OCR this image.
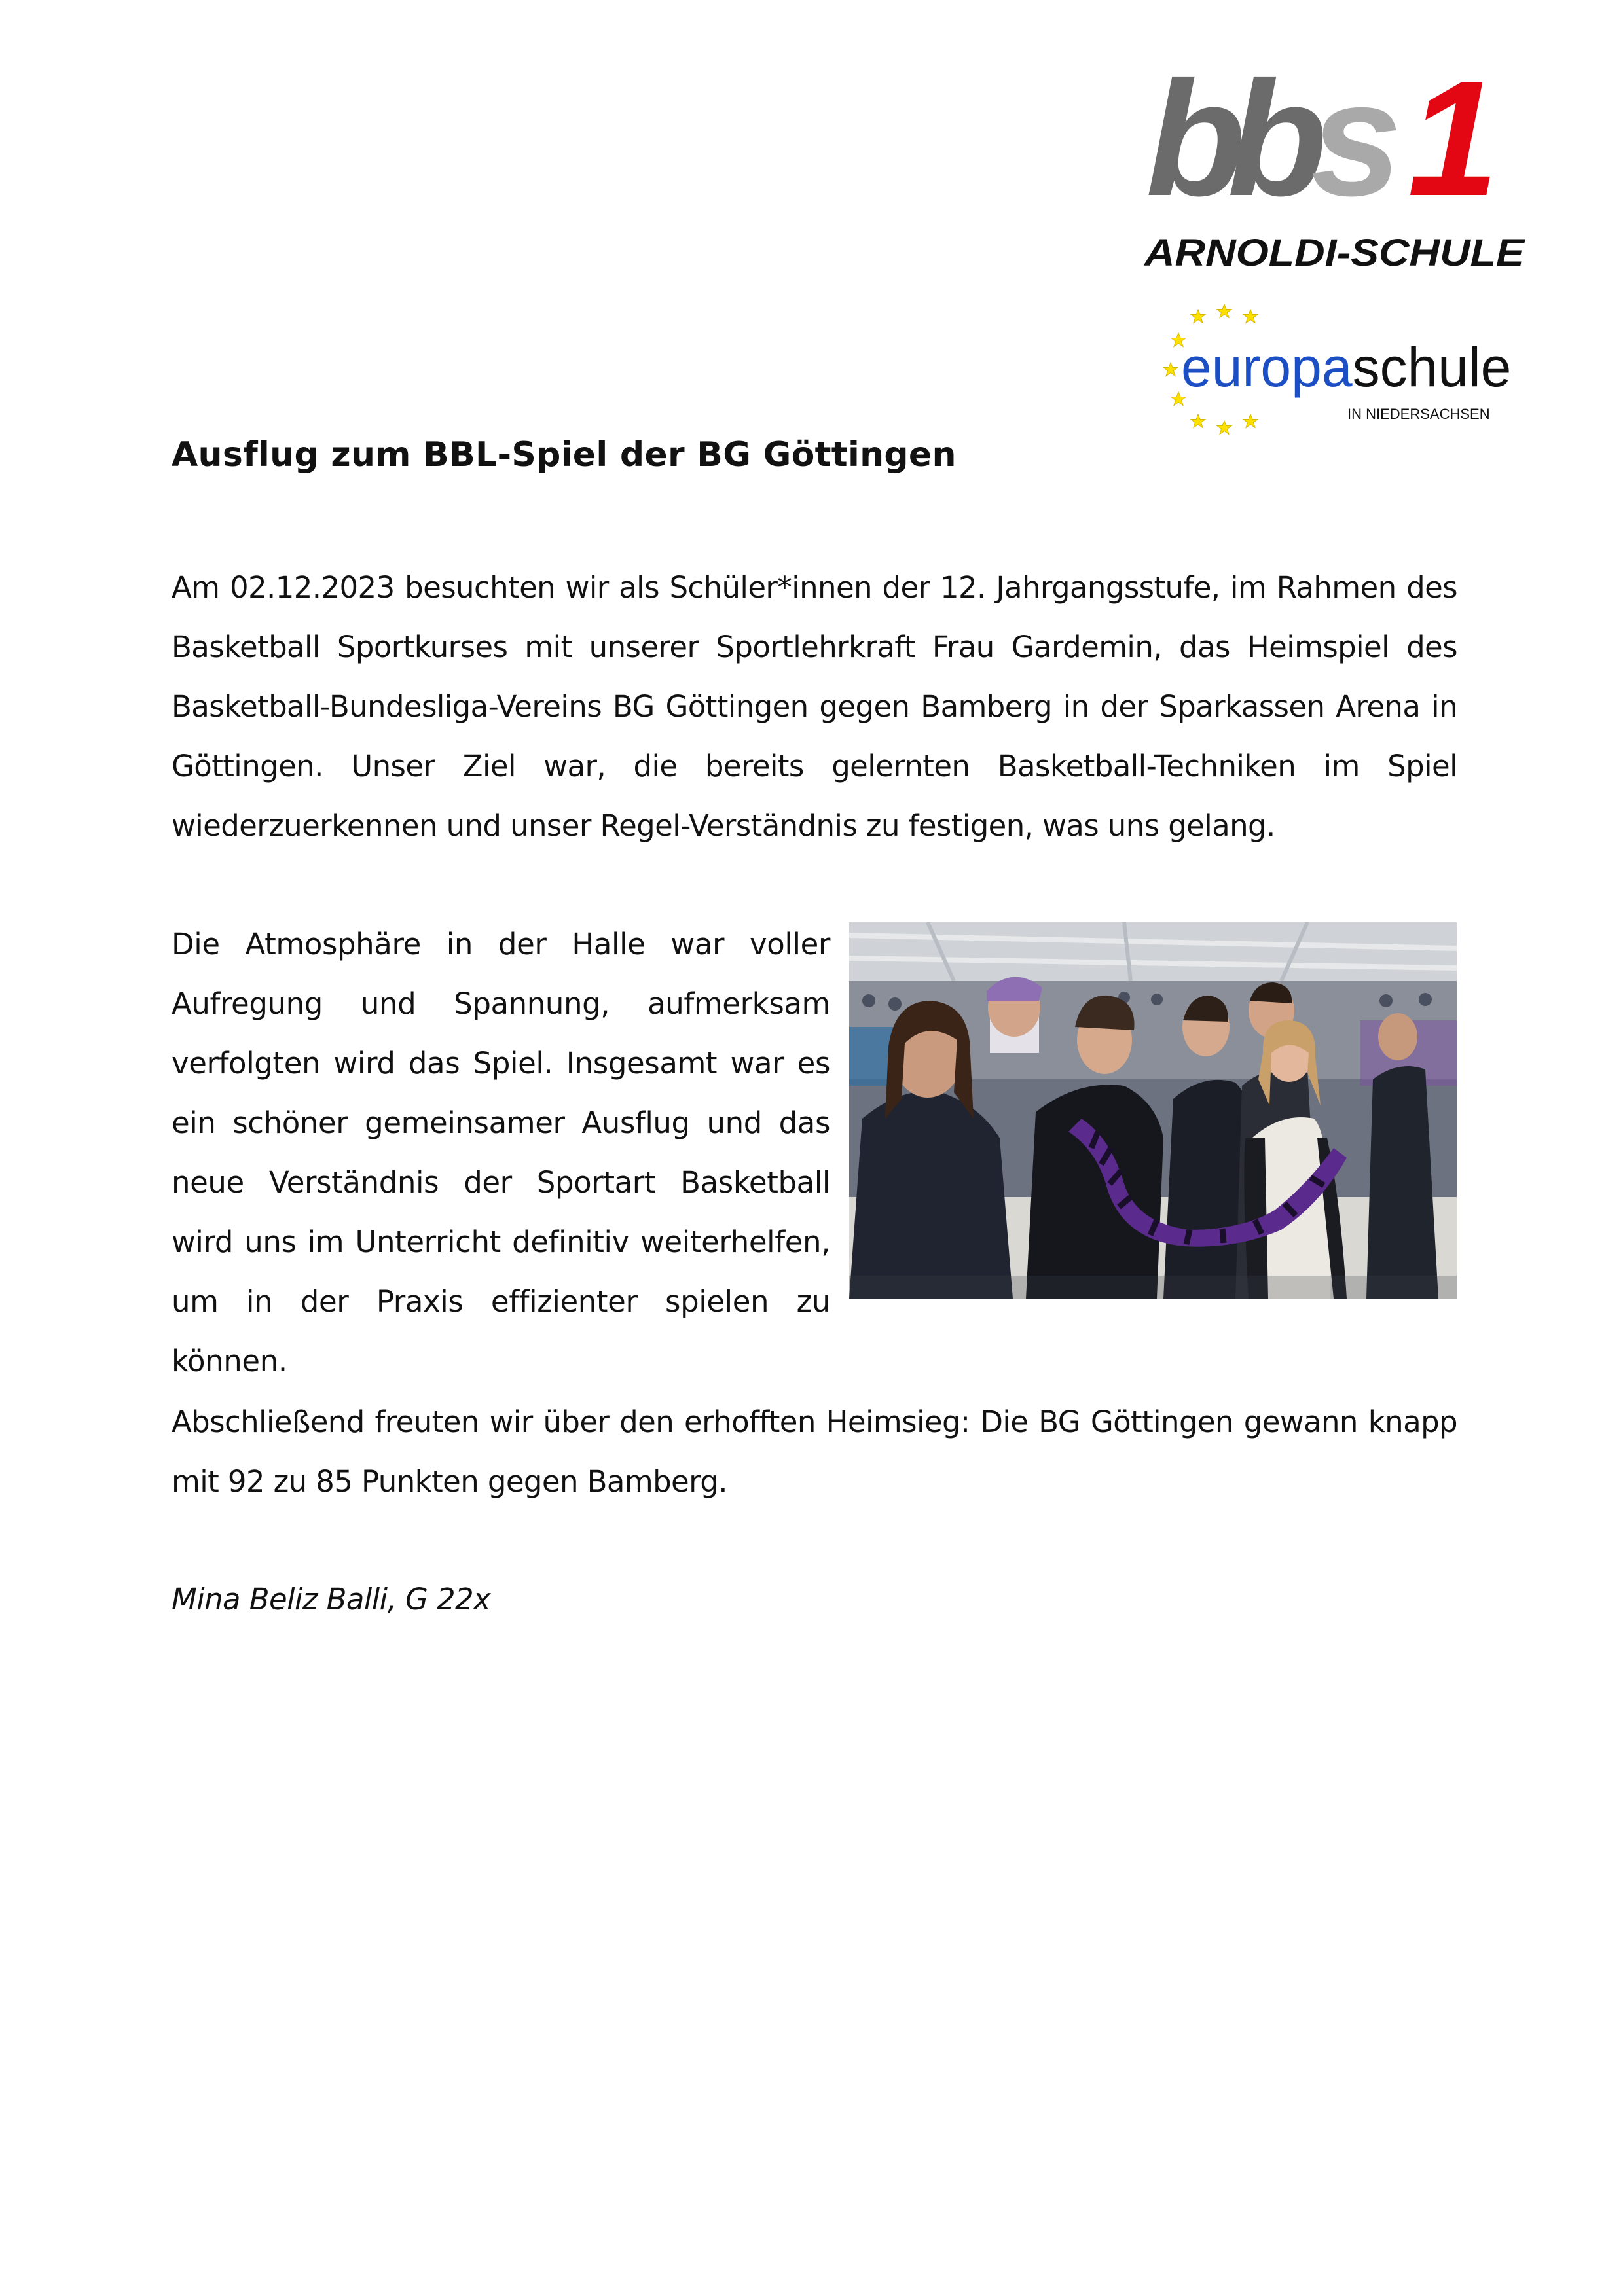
bb s 1
ARNOLDI-SCHULE
europaschule
IN NIEDERSACHSEN
Ausflug zum BBL-Spiel der BG Göttingen
Am 02.12.2023 besuchten wir als Schüler*innen der 12. Jahrgangsstufe, im Rahmen des Basketball Sportkurses mit unserer Sportlehrkraft Frau Gardemin, das Heimspiel des Basketball-Bundesliga-Vereins BG Göttingen gegen Bamberg in der Sparkassen Arena in Göttingen. Unser Ziel war, die bereits gelernten Basketball-Techniken im Spiel wiederzuerkennen und unser Regel-Verständnis zu festigen, was uns gelang.
Die Atmosphäre in der Halle war voller Aufregung und Spannung, aufmerksam verfolgten wird das Spiel. Insgesamt war es ein schöner gemeinsamer Ausflug und das neue Verständnis der Sportart Basketball wird uns im Unterricht definitiv weiterhelfen, um in der Praxis effizienter spielen zu können.
Abschließend freuten wir über den erhofften Heimsieg: Die BG Göttingen gewann knapp mit 92 zu 85 Punkten gegen Bamberg.
Mina Beliz Balli, G 22x
